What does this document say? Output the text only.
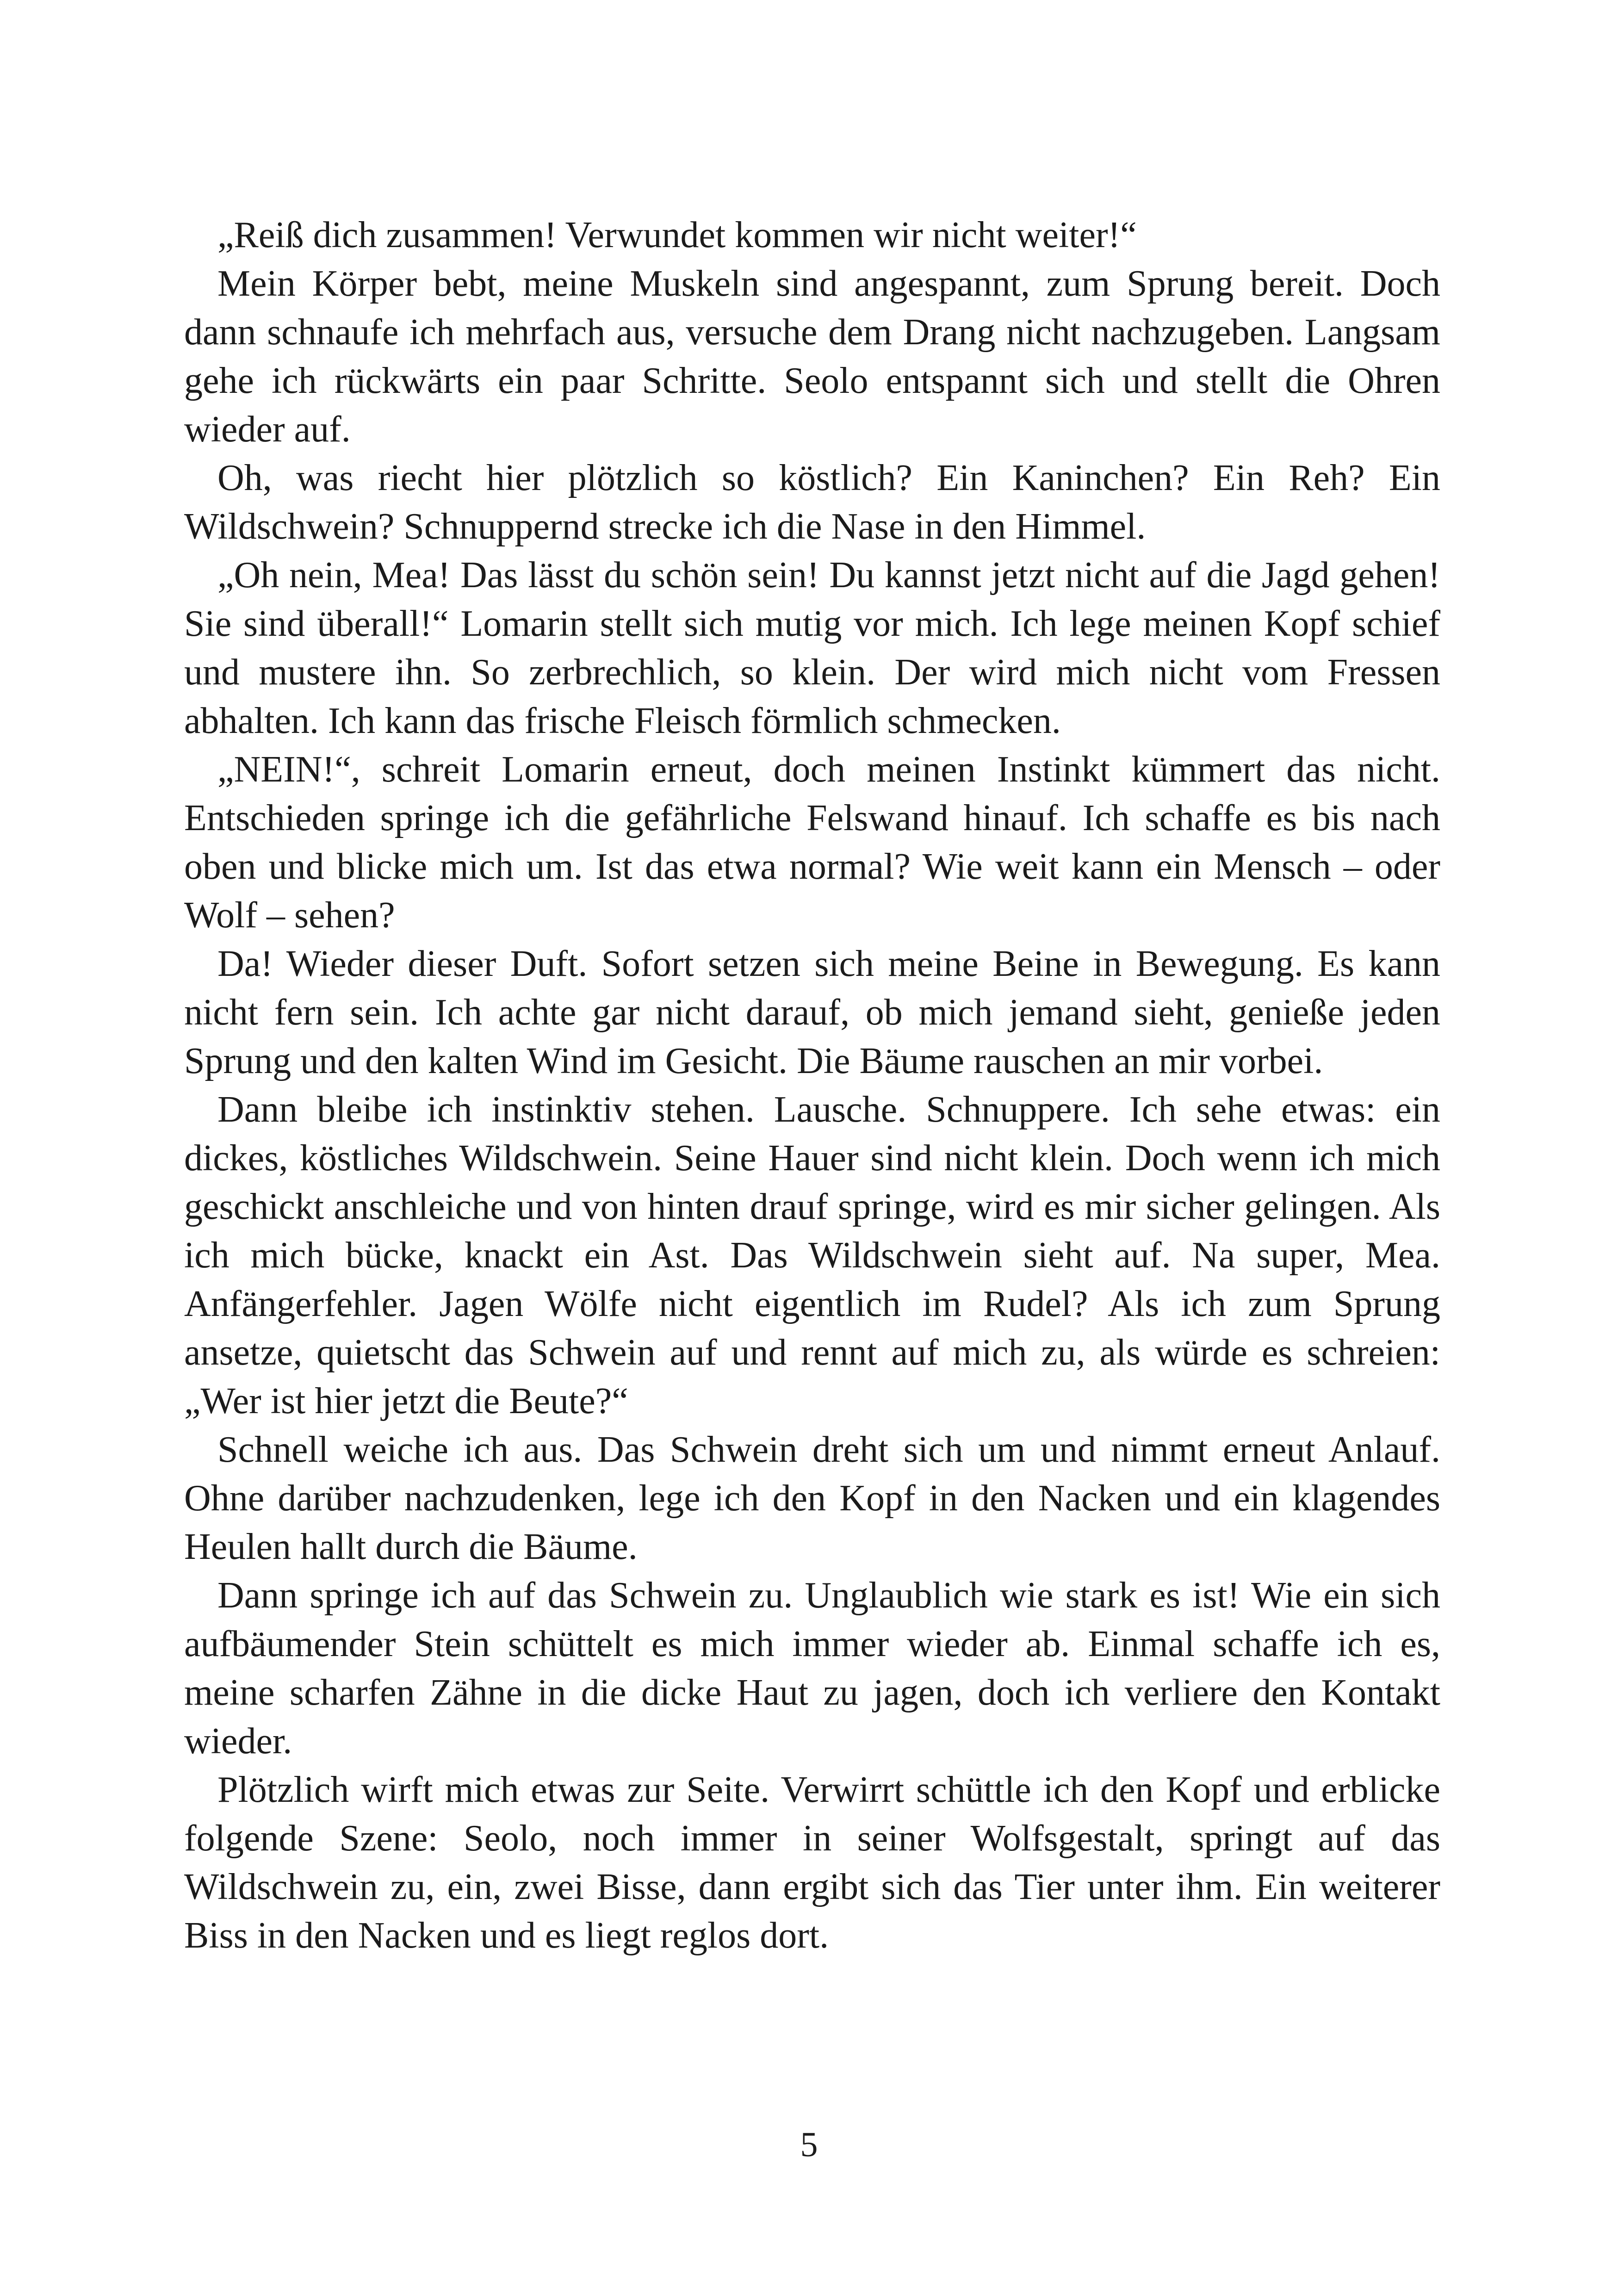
„Reiß dich zusammen! Verwundet kommen wir nicht weiter!“

Mein Körper bebt, meine Muskeln sind angespannt, zum Sprung bereit. Doch dann schnaufe ich mehrfach aus, versuche dem Drang nicht nachzugeben. Langsam gehe ich rückwärts ein paar Schritte. Seolo entspannt sich und stellt die Ohren wieder auf.

Oh, was riecht hier plötzlich so köstlich? Ein Kaninchen? Ein Reh? Ein Wildschwein? Schnuppernd strecke ich die Nase in den Himmel.

„Oh nein, Mea! Das lässt du schön sein! Du kannst jetzt nicht auf die Jagd gehen! Sie sind überall!“ Lomarin stellt sich mutig vor mich. Ich lege meinen Kopf schief und mustere ihn. So zerbrechlich, so klein. Der wird mich nicht vom Fressen abhalten. Ich kann das frische Fleisch förmlich schmecken.

„NEIN!“, schreit Lomarin erneut, doch meinen Instinkt kümmert das nicht. Entschieden springe ich die gefährliche Felswand hinauf. Ich schaffe es bis nach oben und blicke mich um. Ist das etwa normal? Wie weit kann ein Mensch – oder Wolf – sehen?

Da! Wieder dieser Duft. Sofort setzen sich meine Beine in Bewegung. Es kann nicht fern sein. Ich achte gar nicht darauf, ob mich jemand sieht, genieße jeden Sprung und den kalten Wind im Gesicht. Die Bäume rauschen an mir vorbei.

Dann bleibe ich instinktiv stehen. Lausche. Schnuppere. Ich sehe etwas: ein dickes, köstliches Wildschwein. Seine Hauer sind nicht klein. Doch wenn ich mich geschickt anschleiche und von hinten drauf springe, wird es mir sicher gelingen. Als ich mich bücke, knackt ein Ast. Das Wildschwein sieht auf. Na super, Mea. Anfängerfehler. Jagen Wölfe nicht eigentlich im Rudel? Als ich zum Sprung ansetze, quietscht das Schwein auf und rennt auf mich zu, als würde es schreien: „Wer ist hier jetzt die Beute?“

Schnell weiche ich aus. Das Schwein dreht sich um und nimmt erneut Anlauf. Ohne darüber nachzudenken, lege ich den Kopf in den Nacken und ein klagendes Heulen hallt durch die Bäume.

Dann springe ich auf das Schwein zu. Unglaublich wie stark es ist! Wie ein sich aufbäumender Stein schüttelt es mich immer wieder ab. Einmal schaffe ich es, meine scharfen Zähne in die dicke Haut zu jagen, doch ich verliere den Kontakt wieder.

Plötzlich wirft mich etwas zur Seite. Verwirrt schüttle ich den Kopf und erblicke folgende Szene: Seolo, noch immer in seiner Wolfsgestalt, springt auf das Wildschwein zu, ein, zwei Bisse, dann ergibt sich das Tier unter ihm. Ein weiterer Biss in den Nacken und es liegt reglos dort.

5
